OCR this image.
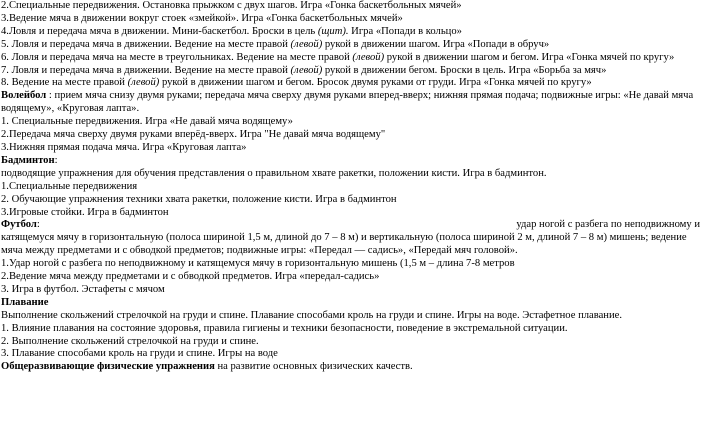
2.Специальные передвижения. Остановка прыжком с двух шагов. Игра «Гонка баскетбольных мячей»

3.Ведение мяча в движении вокруг стоек «змейкой». Игра «Гонка баскетбольных мячей»

4.Ловля и передача мяча в движении. Мини-баскетбол. Броски в цель (щит). Игра «Попади в кольцо»

5. Ловля и передача мяча в движении. Ведение на месте правой (левой) рукой в движении шагом. Игра «Попади в обруч»

6. Ловля и передача мяча на месте в треугольниках. Ведение на месте правой (левой) рукой в движении шагом и бегом. Игра «Гонка мячей по кругу»

7. Ловля и передача мяча в движении. Ведение на месте правой (левой) рукой в движении бегом. Броски в цель. Игра «Борьба за мяч»

8. Ведение на месте правой (левой) рукой в движении шагом и бегом. Бросок двумя руками от груди. Игра «Гонка мячей по кругу»

Волейбол : прием мяча снизу двумя руками; передача мяча сверху двумя руками вперед-вверх; нижняя прямая подача; подвижные игры: «Не давай мяча водящему», «Круговая лапта».

1. Специальные передвижения. Игра «Не давай мяча водящему»

2.Передача мяча сверху двумя руками вперёд-вверх. Игра "Не давай мяча водящему"

3.Нижняя прямая подача мяча. Игра «Круговая лапта»

Бадминтон:

подводящие упражнения для обучения представления о правильном хвате ракетки, положении кисти. Игра в бадминтон.

1.Специальные передвижения

2. Обучающие упражнения техники хвата ракетки, положение кисти. Игра в бадминтон

3.Игровые стойки. Игра в бадминтон

Футбол:	удар ногой с разбега по неподвижному и

катящемуся мячу в горизонтальную (полоса шириной 1,5 м, длиной до 7 – 8 м) и вертикальную (полоса шириной 2 м, длиной 7 – 8 м) мишень; ведение мяча между предметами и с обводкой предметов; подвижные игры: «Передал — садись», «Передай мяч головой».

1.Удар ногой с разбега по неподвижному и катящемуся мячу в горизонтальную мишень (1,5 м – длина 7-8 метров

2.Ведение мяча между предметами и с обводкой предметов. Игра «передал-садись»

3. Игра в футбол. Эстафеты с мячом

Плавание

Выполнение скольжений стрелочкой на груди и спине. Плавание способами кроль на груди и спине. Игры на воде. Эстафетное плавание.

1. Влияние плавания на состояние здоровья, правила гигиены и техники безопасности, поведение в экстремальной ситуации.

2. Выполнение скольжений стрелочкой на груди и спине.

3. Плавание способами кроль на груди и спине. Игры на воде

Общеразвивающие физические упражнения на развитие основных физических качеств.
